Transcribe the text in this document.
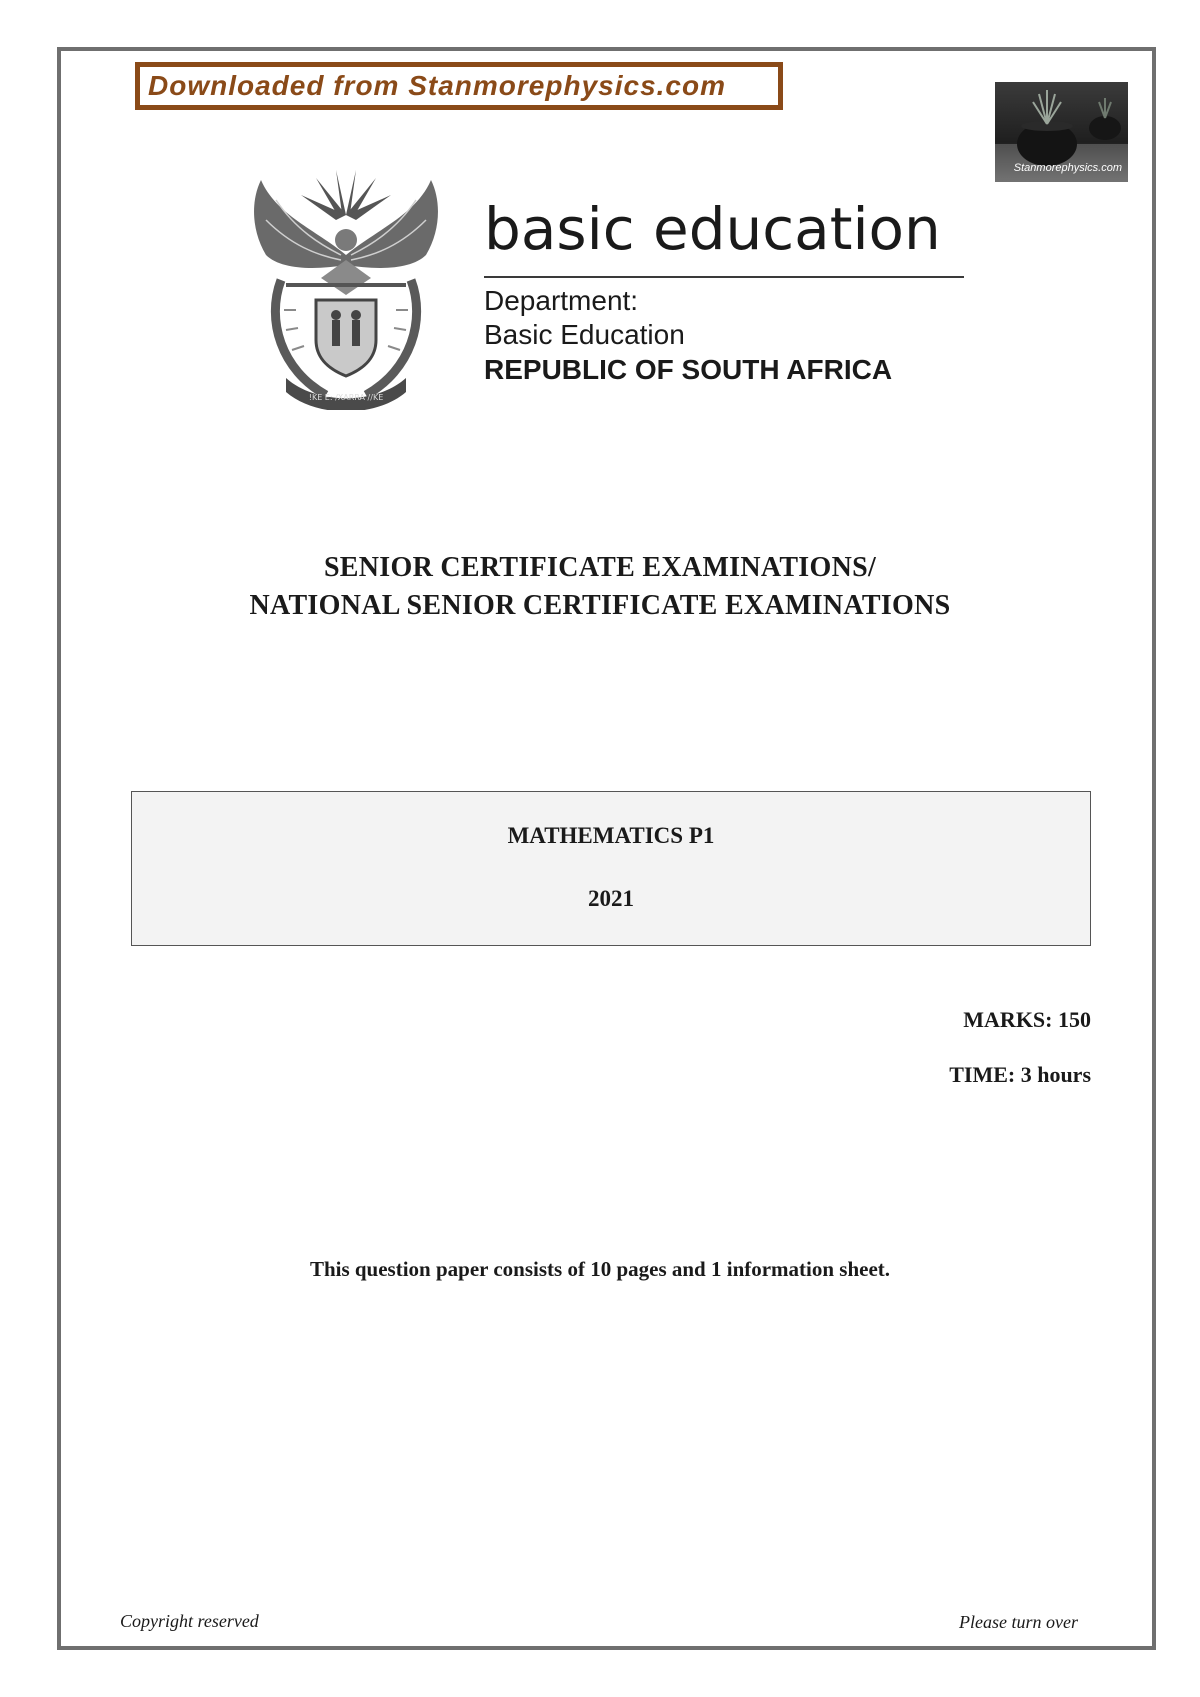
Downloaded from Stanmorephysics.com
Stanmorephysics.com
!KE E: /XARRA //KE
basic education
Department:
Basic Education
REPUBLIC OF SOUTH AFRICA
SENIOR CERTIFICATE EXAMINATIONS/
NATIONAL SENIOR CERTIFICATE EXAMINATIONS
MATHEMATICS P1
2021
MARKS: 150
TIME: 3 hours
This question paper consists of 10 pages and 1 information sheet.
Copyright reserved	Please turn over
